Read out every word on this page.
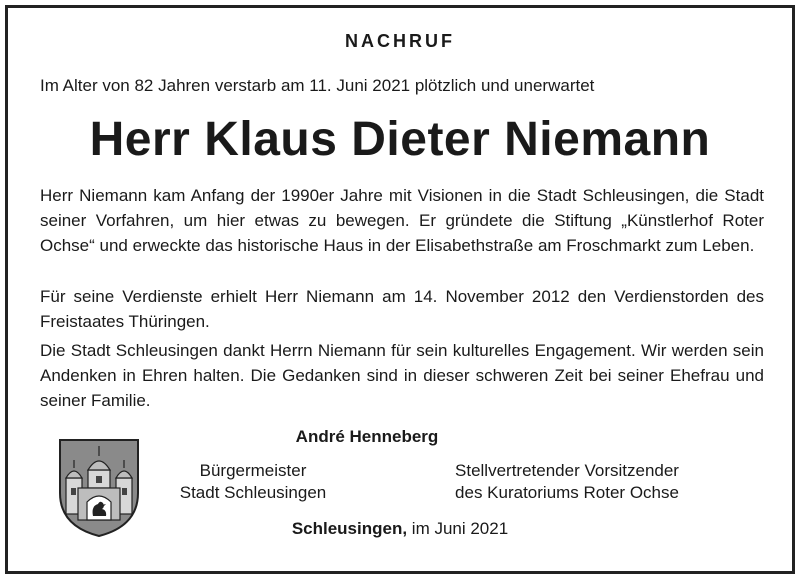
NACHRUF
Im Alter von 82 Jahren verstarb am 11. Juni 2021 plötzlich und unerwartet
Herr Klaus Dieter Niemann

Herr Niemann kam Anfang der 1990er Jahre mit Visionen in die Stadt Schleusingen, die Stadt seiner Vorfahren, um hier etwas zu bewegen. Er gründete die Stiftung „Künstlerhof Roter Ochse“ und erweckte das historische Haus in der Elisabethstraße am Froschmarkt zum Leben.

Für seine Verdienste erhielt Herr Niemann am 14. November 2012 den Verdienstorden des Freistaates Thüringen.

Die Stadt Schleusingen dankt Herrn Niemann für sein kulturelles Engagement. Wir werden sein Andenken in Ehren halten. Die Gedanken sind in dieser schweren Zeit bei seiner Ehefrau und seiner Familie.

André Henneberg
Bürgermeister
Stadt Schleusingen
Stellvertretender Vorsitzender
des Kuratoriums Roter Ochse
Schleusingen, im Juni 2021
